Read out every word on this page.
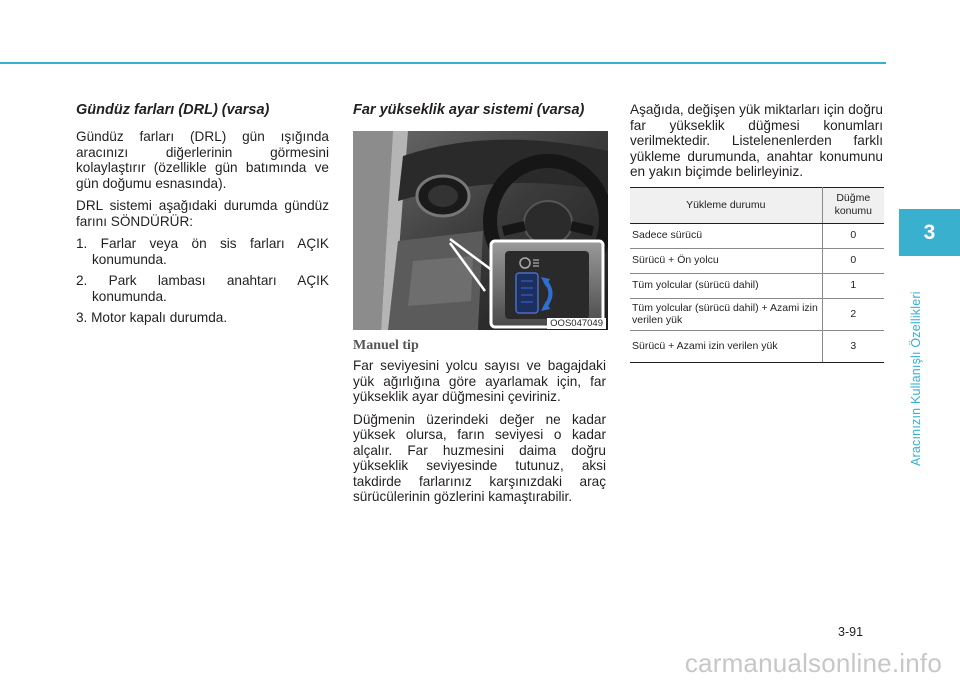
Gündüz farları (DRL) (varsa)

Gündüz farları (DRL) gün ışığında aracınızı diğerlerinin görmesini kolaylaştırır (özellikle gün batımında ve gün doğumu esnasında).

DRL sistemi aşağıdaki durumda gündüz farını SÖNDÜRÜR:

1. Farlar veya ön sis farları AÇIK konumunda.
2. Park lambası anahtarı AÇIK konumunda.
3. Motor kapalı durumda.
Far yükseklik ayar sistemi (varsa)
OOS047049
Manuel tip

Far seviyesini yolcu sayısı ve bagajdaki yük ağırlığına göre ayarlamak için, far yükseklik ayar düğmesini çeviriniz.

Düğmenin üzerindeki değer ne kadar yüksek olursa, farın seviyesi o kadar alçalır. Far huzmesini daima doğru yükseklik seviyesinde tutunuz, aksi takdirde farlarınız karşınızdaki araç sürücülerinin gözlerini kamaştırabilir.

Aşağıda, değişen yük miktarları için doğru far yükseklik düğmesi konumları verilmektedir. Listelenenlerden farklı yükleme durumunda, anahtar konumunu en yakın biçimde belirleyiniz.

Yükleme durumu	Düğme konumu
Sadece sürücü	0
Sürücü + Ön yolcu	0
Tüm yolcular (sürücü dahil)	1
Tüm yolcular (sürücü dahil) + Azami izin verilen yük	2
Sürücü + Azami izin verilen yük	3
3
Aracınızın Kullanışlı Özellikleri
3-91
carmanualsonline.info
